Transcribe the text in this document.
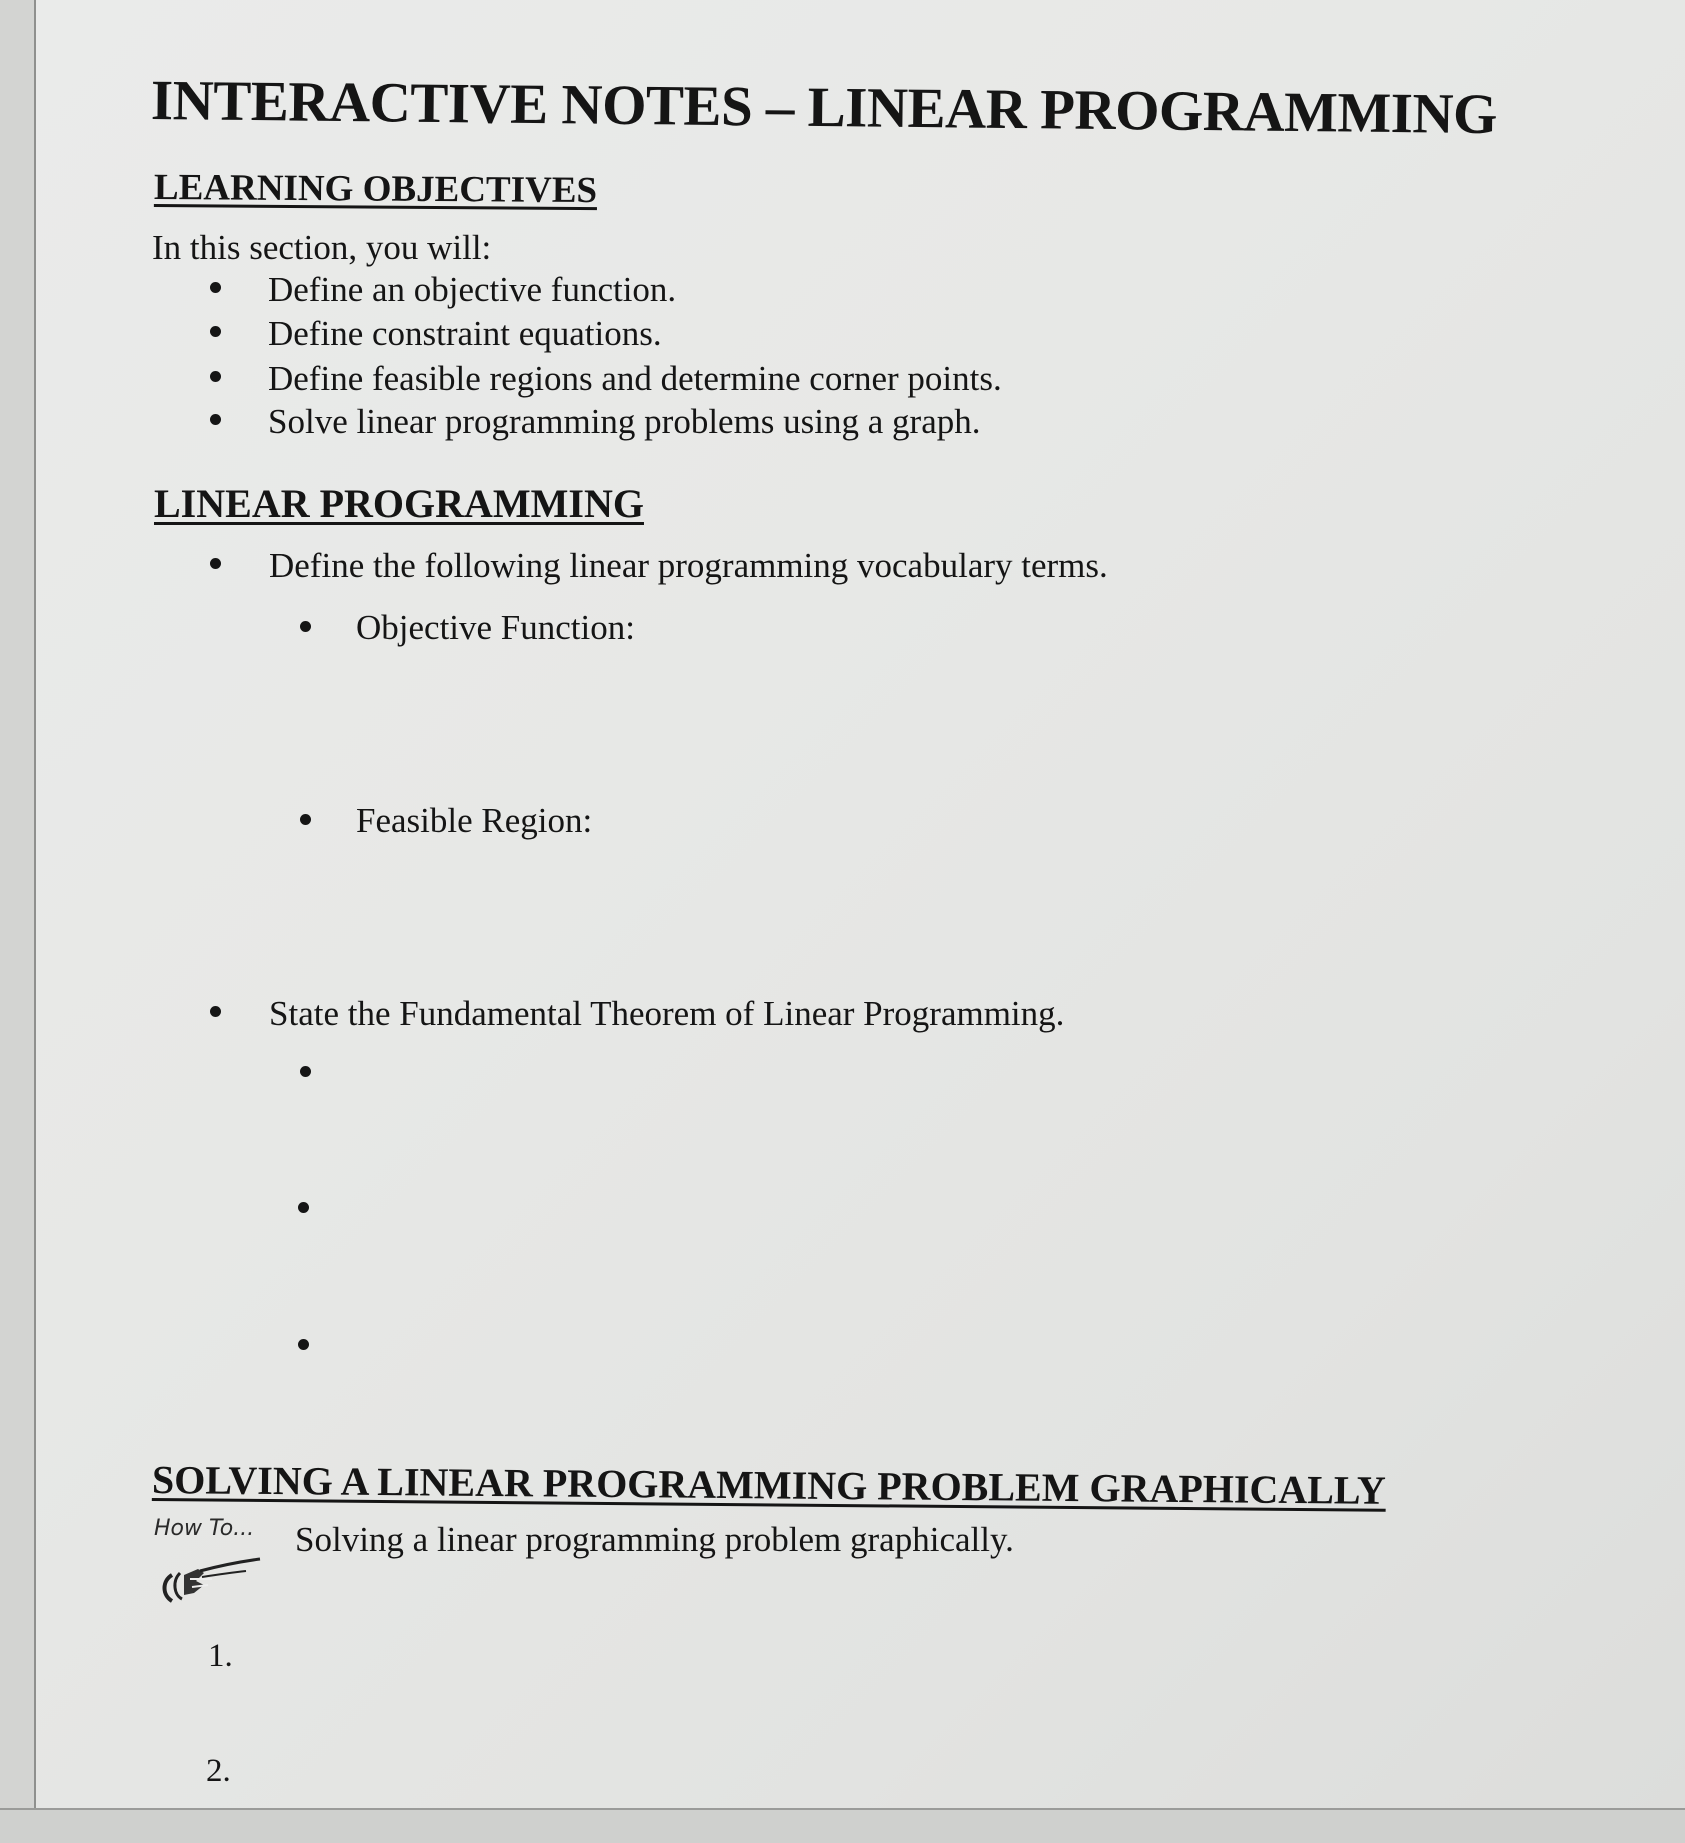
INTERACTIVE NOTES – LINEAR PROGRAMMING
LEARNING OBJECTIVES
In this section, you will:
Define an objective function.
Define constraint equations.
Define feasible regions and determine corner points.
Solve linear programming problems using a graph.
LINEAR PROGRAMMING
Define the following linear programming vocabulary terms.
Objective Function:
Feasible Region:
State the Fundamental Theorem of Linear Programming.
SOLVING A LINEAR PROGRAMMING PROBLEM GRAPHICALLY
How To... Solving a linear programming problem graphically.
1.
2.
